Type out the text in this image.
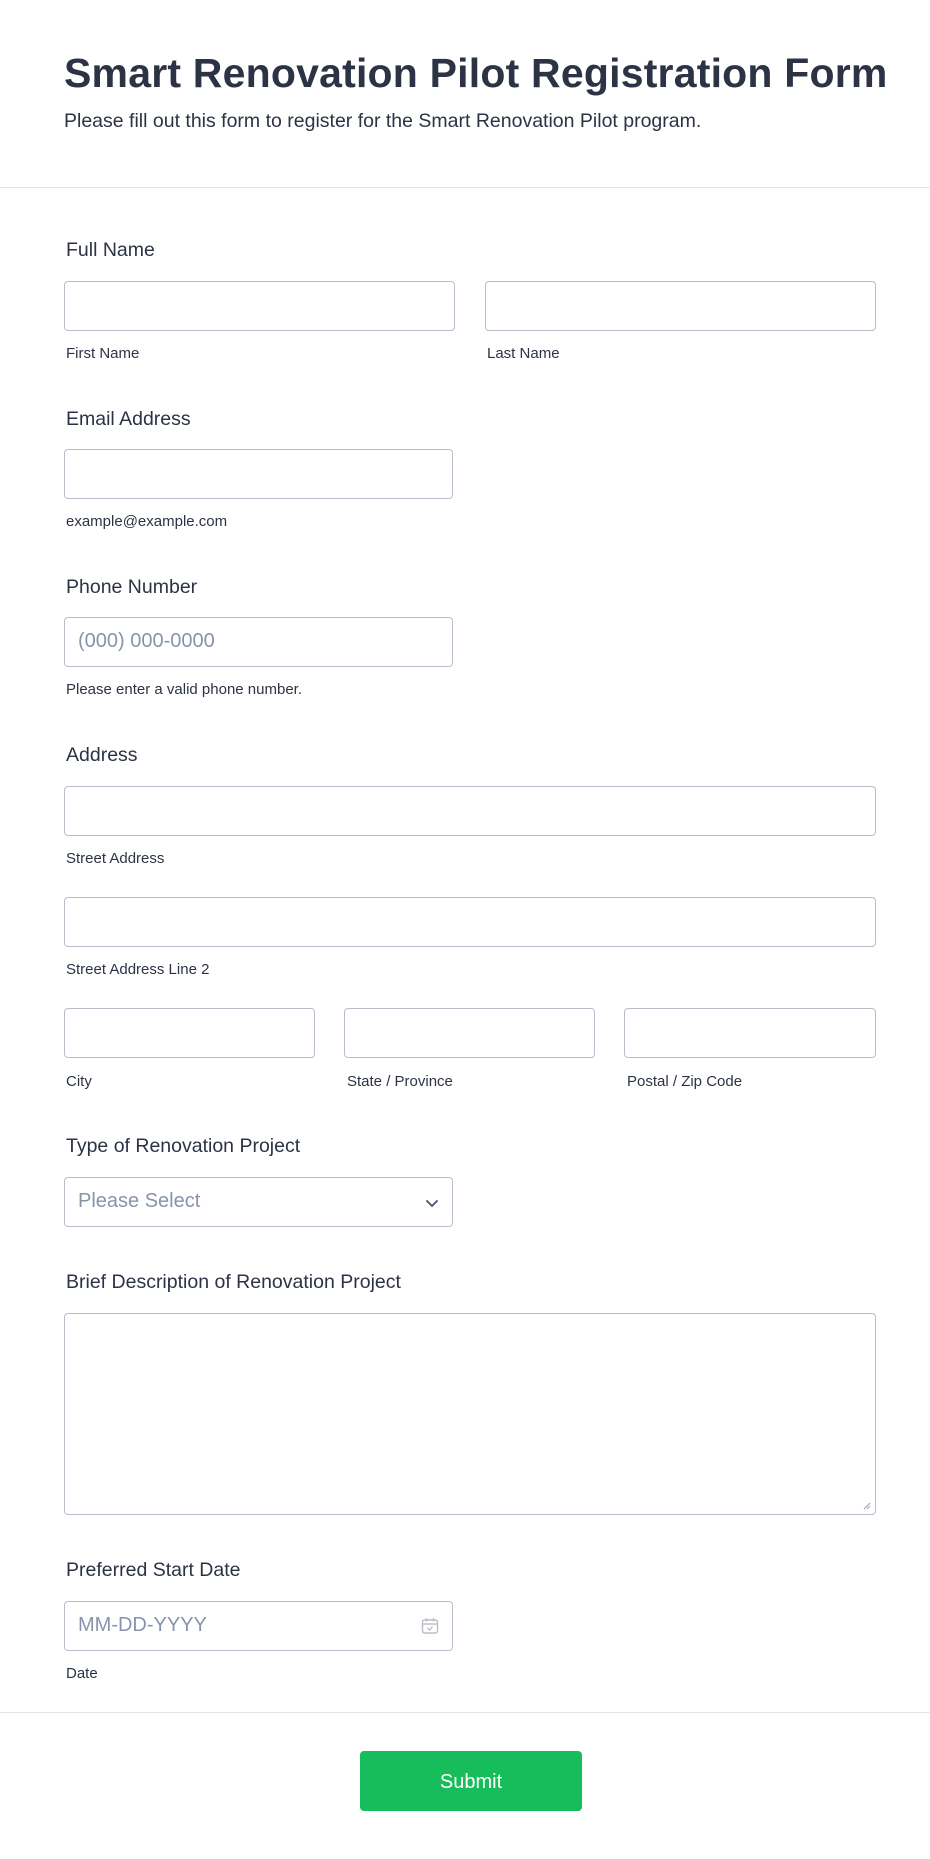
Smart Renovation Pilot Registration Form

Please fill out this form to register for the Smart Renovation Pilot program.

Full Name
First Name	Last Name
Email Address
example@example.com
Phone Number
(000) 000-0000
Please enter a valid phone number.
Address
Street Address
Street Address Line 2
City	State / Province	Postal / Zip Code
Type of Renovation Project
Please Select
Brief Description of Renovation Project
Preferred Start Date
MM-DD-YYYY
Date
Submit
